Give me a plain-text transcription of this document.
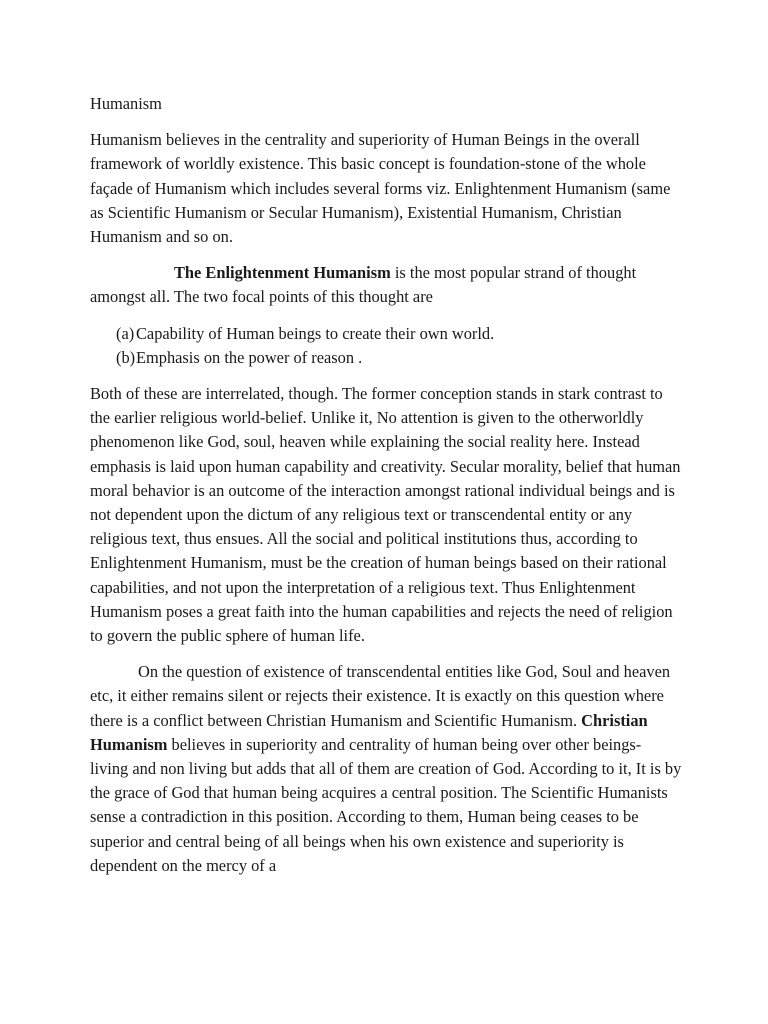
Humanism

Humanism believes in the centrality and superiority of Human Beings in the overall framework of worldly existence. This basic concept is foundation-stone of the whole façade of Humanism which includes several forms viz. Enlightenment Humanism (same as Scientific Humanism or Secular Humanism), Existential Humanism, Christian Humanism and so on.

The Enlightenment Humanism is the most popular strand of thought amongst all. The two focal points of this thought are

(a) Capability of Human beings to create their own world.
(b) Emphasis on the power of reason .

Both of these are interrelated, though. The former conception stands in stark contrast to the earlier religious world-belief. Unlike it, No attention is given to the otherworldly phenomenon like God, soul, heaven while explaining the social reality here. Instead emphasis is laid upon human capability and creativity. Secular morality, belief that human moral behavior is an outcome of the interaction amongst rational individual beings and is not dependent upon the dictum of any religious text or transcendental entity or any religious text, thus ensues. All the social and political institutions thus, according to Enlightenment Humanism, must be the creation of human beings based on their rational capabilities, and not upon the interpretation of a religious text. Thus Enlightenment Humanism poses a great faith into the human capabilities and rejects the need of religion to govern the public sphere of human life.

On the question of existence of transcendental entities like God, Soul and heaven etc, it either remains silent or rejects their existence. It is exactly on this question where there is a conflict between Christian Humanism and Scientific Humanism. Christian Humanism believes in superiority and centrality of human being over other beings- living and non living but adds that all of them are creation of God. According to it, It is by the grace of God that human being acquires a central position. The Scientific Humanists sense a contradiction in this position. According to them, Human being ceases to be superior and central being of all beings when his own existence and superiority is dependent on the mercy of a
